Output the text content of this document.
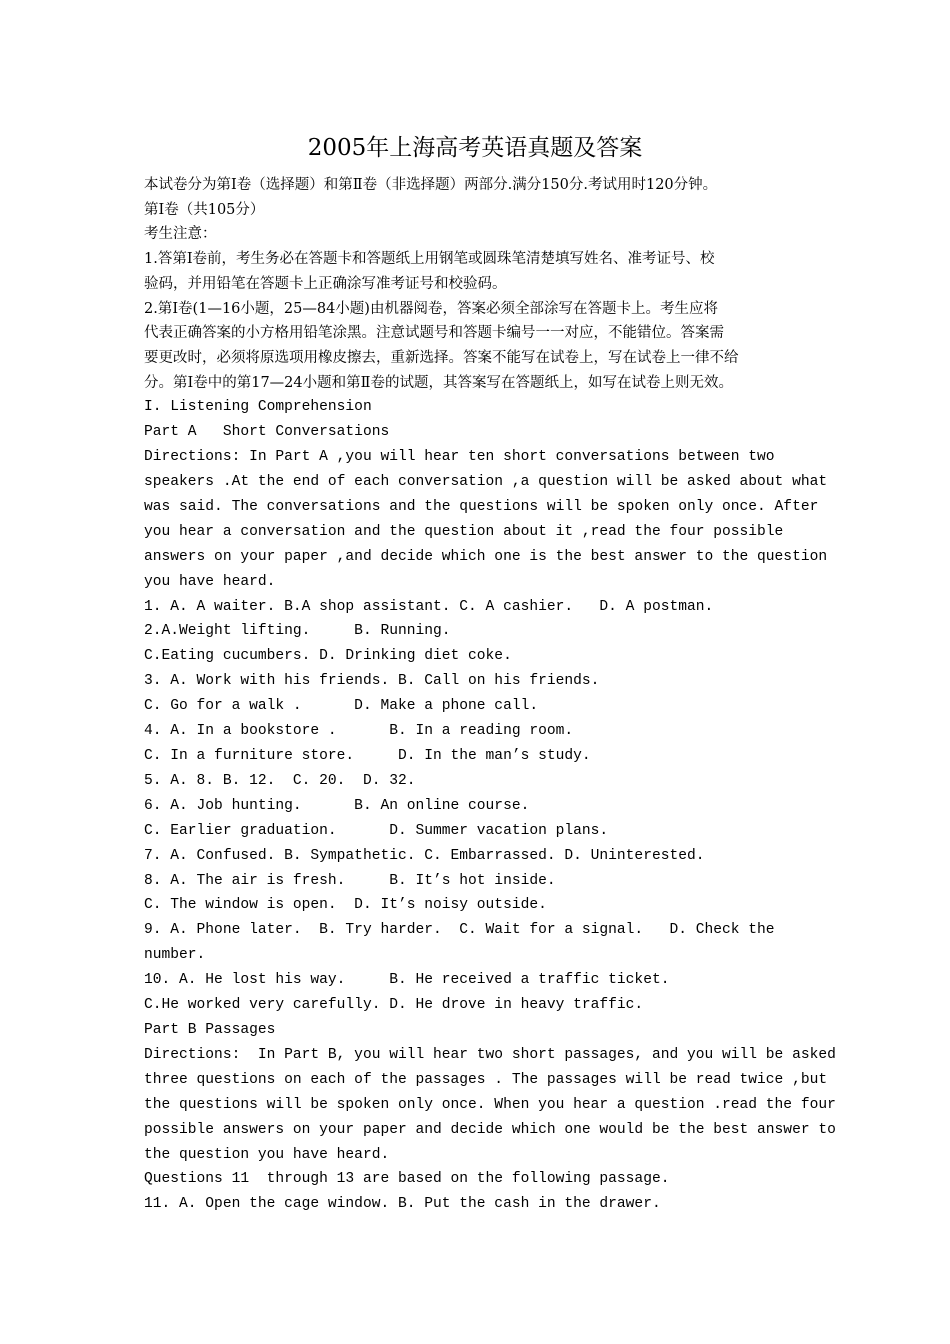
2005年上海高考英语真题及答案

本试卷分为第Ⅰ卷（选择题）和第Ⅱ卷（非选择题）两部分.满分150分.考试用时120分钟。

第Ⅰ卷（共105分）

考生注意：

1.答第Ⅰ卷前，考生务必在答题卡和答题纸上用钢笔或圆珠笔清楚填写姓名、准考证号、校

验码，并用铅笔在答题卡上正确涂写准考证号和校验码。

2.第Ⅰ卷(1—16小题，25—84小题)由机器阅卷，答案必须全部涂写在答题卡上。考生应将

代表正确答案的小方格用铅笔涂黑。注意试题号和答题卡编号一一对应，不能错位。答案需

要更改时，必须将原选项用橡皮擦去，重新选择。答案不能写在试卷上，写在试卷上一律不给

分。第Ⅰ卷中的第17—24小题和第Ⅱ卷的试题，其答案写在答题纸上，如写在试卷上则无效。

I. Listening Comprehension

Part A   Short Conversations

Directions: In Part A ,you will hear ten short conversations between two

speakers .At the end of each conversation ,a question will be asked about what

was said. The conversations and the questions will be spoken only once. After

you hear a conversation and the question about it ,read the four possible

answers on your paper ,and decide which one is the best answer to the question

you have heard.

1. A. A waiter. B.A shop assistant. C. A cashier.   D. A postman.

2.A.Weight lifting.     B. Running.

C.Eating cucumbers. D. Drinking diet coke.

3. A. Work with his friends. B. Call on his friends.

C. Go for a walk .      D. Make a phone call.

4. A. In a bookstore .      B. In a reading room.

C. In a furniture store.     D. In the man’s study.

5. A. 8. B. 12.  C. 20.  D. 32.

6. A. Job hunting.      B. An online course.

C. Earlier graduation.      D. Summer vacation plans.

7. A. Confused. B. Sympathetic. C. Embarrassed. D. Uninterested.

8. A. The air is fresh.     B. It’s hot inside.

C. The window is open.  D. It’s noisy outside.

9. A. Phone later.  B. Try harder.  C. Wait for a signal.   D. Check the

number.

10. A. He lost his way.     B. He received a traffic ticket.

C.He worked very carefully. D. He drove in heavy traffic.

Part B Passages

Directions:  In Part B, you will hear two short passages, and you will be asked

three questions on each of the passages . The passages will be read twice ,but

the questions will be spoken only once. When you hear a question .read the four

possible answers on your paper and decide which one would be the best answer to

the question you have heard.

Questions 11  through 13 are based on the following passage.

11. A. Open the cage window. B. Put the cash in the drawer.
